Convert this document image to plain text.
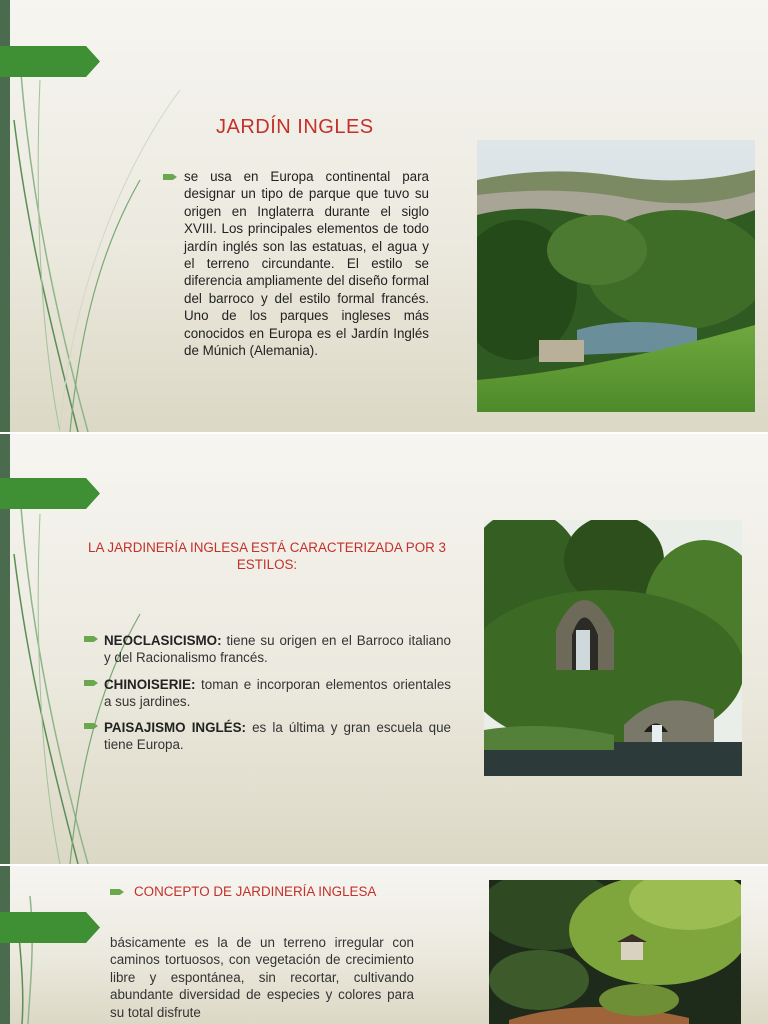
JARDÍN INGLES
se usa en Europa continental para designar un tipo de parque que tuvo su origen en Inglaterra durante el siglo XVIII. Los principales elementos de todo jardín inglés son las estatuas, el agua y el terreno circundante. El estilo se diferencia ampliamente del diseño formal del barroco y del estilo formal francés. Uno de los parques ingleses más conocidos en Europa es el Jardín Inglés de Múnich (Alemania).
LA JARDINERÍA INGLESA ESTÁ CARACTERIZADA POR 3 ESTILOS:
NEOCLASICISMO: tiene su origen en el Barroco italiano y del Racionalismo francés.
CHINOISERIE: toman e incorporan elementos orientales a sus jardines.
PAISAJISMO INGLÉS: es la última y gran escuela que tiene Europa.
CONCEPTO DE JARDINERÍA INGLESA
básicamente es la de un terreno irregular con caminos tortuosos, con vegetación de crecimiento libre y espontánea, sin recortar, cultivando abundante diversidad de especies y colores para su total disfrute
